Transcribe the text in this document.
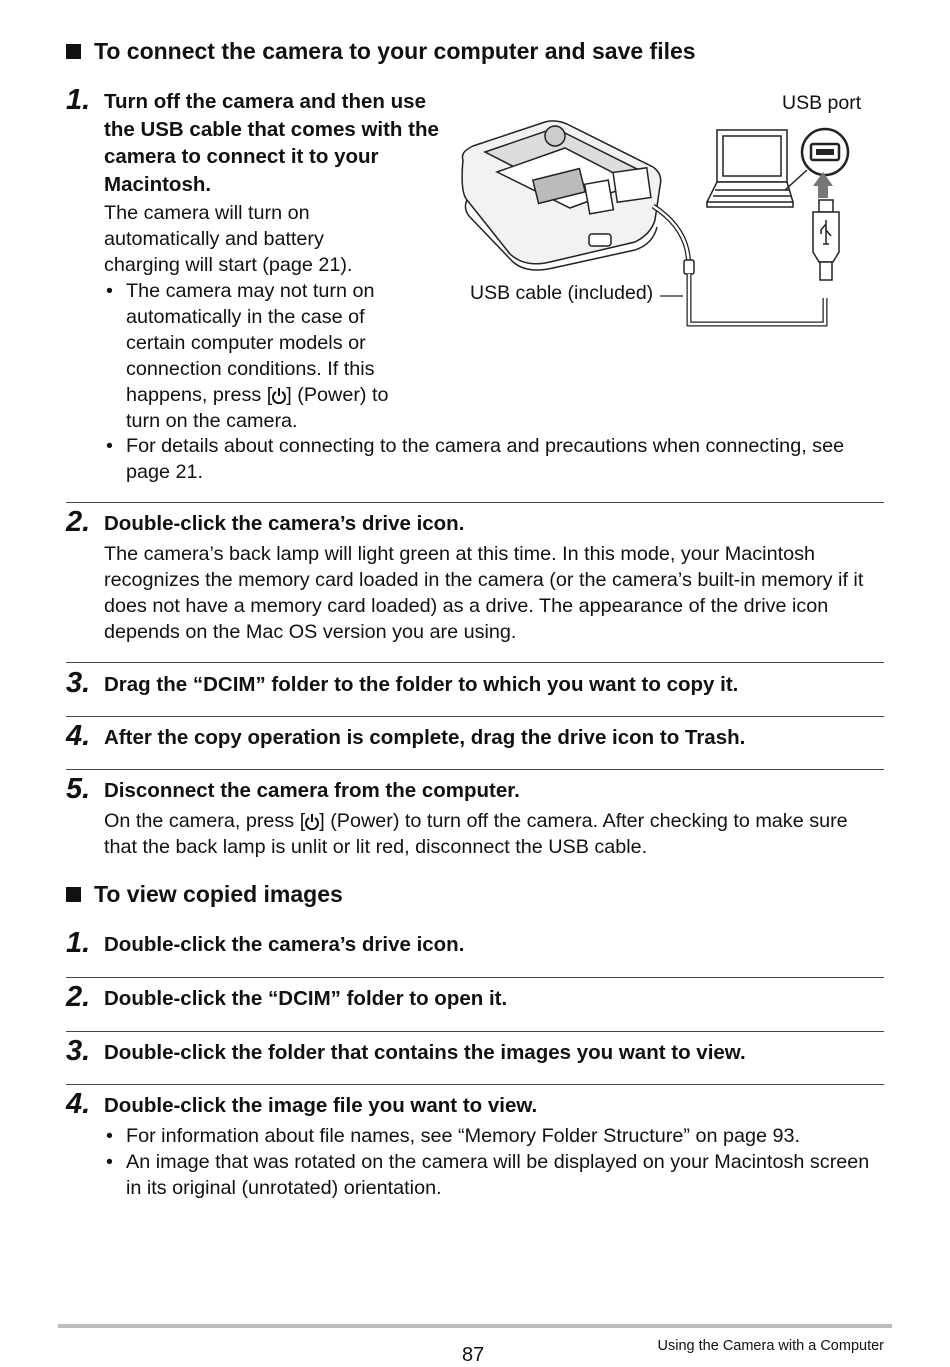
To connect the camera to your computer and save files
1. Turn off the camera and then use the USB cable that comes with the camera to connect it to your Macintosh.
The camera will turn on automatically and battery charging will start (page 21).
• The camera may not turn on automatically in the case of certain computer models or connection conditions. If this happens, press [ ] (Power) to turn on the camera.
• For details about connecting to the camera and precautions when connecting, see page 21.
USB port
USB cable (included)
2. Double-click the camera’s drive icon.
The camera’s back lamp will light green at this time. In this mode, your Macintosh recognizes the memory card loaded in the camera (or the camera’s built-in memory if it does not have a memory card loaded) as a drive. The appearance of the drive icon depends on the Mac OS version you are using.
3. Drag the “DCIM” folder to the folder to which you want to copy it.
4. After the copy operation is complete, drag the drive icon to Trash.
5. Disconnect the camera from the computer.
On the camera, press [ ] (Power) to turn off the camera. After checking to make sure that the back lamp is unlit or lit red, disconnect the USB cable.
To view copied images
1. Double-click the camera’s drive icon.
2. Double-click the “DCIM” folder to open it.
3. Double-click the folder that contains the images you want to view.
4. Double-click the image file you want to view.
• For information about file names, see “Memory Folder Structure” on page 93.
• An image that was rotated on the camera will be displayed on your Macintosh screen in its original (unrotated) orientation.
87	Using the Camera with a Computer
